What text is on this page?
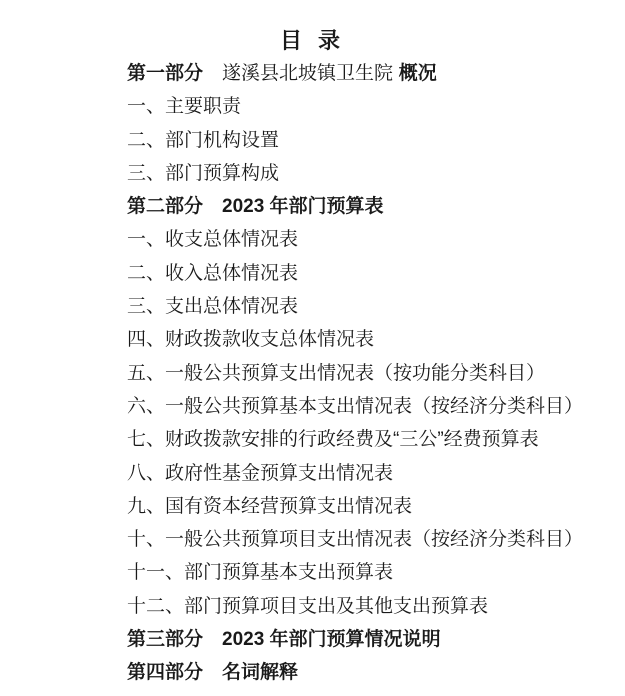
目 录
第一部分 遂溪县北坡镇卫生院 概况
一、主要职责
二、部门机构设置
三、部门预算构成
第二部分 2023 年部门预算表
一、收支总体情况表
二、收入总体情况表
三、支出总体情况表
四、财政拨款收支总体情况表
五、一般公共预算支出情况表（按功能分类科目）
六、一般公共预算基本支出情况表（按经济分类科目）
七、财政拨款安排的行政经费及“三公”经费预算表
八、政府性基金预算支出情况表
九、国有资本经营预算支出情况表
十、一般公共预算项目支出情况表（按经济分类科目）
十一、部门预算基本支出预算表
十二、部门预算项目支出及其他支出预算表
第三部分 2023 年部门预算情况说明
第四部分 名词解释
